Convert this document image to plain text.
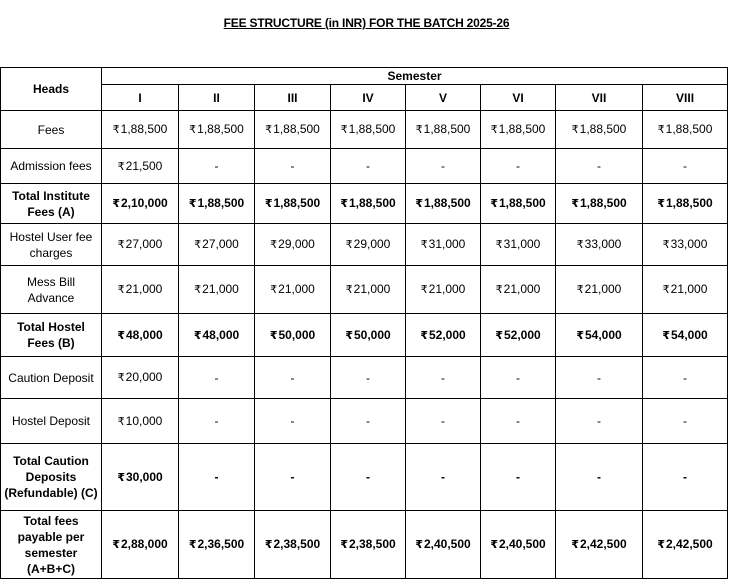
FEE STRUCTURE (in INR) FOR THE BATCH 2025-26
Heads	Semester							
	I	II	III	IV	V	VI	VII	VIII
Fees	₹1,88,500	₹1,88,500	₹1,88,500	₹1,88,500	₹1,88,500	₹1,88,500	₹1,88,500	₹1,88,500
Admission fees	₹21,500	-	-	-	-	-	-	-
Total Institute Fees (A)	₹2,10,000	₹1,88,500	₹1,88,500	₹1,88,500	₹1,88,500	₹1,88,500	₹1,88,500	₹1,88,500
Hostel User fee charges	₹27,000	₹27,000	₹29,000	₹29,000	₹31,000	₹31,000	₹33,000	₹33,000
Mess Bill Advance	₹21,000	₹21,000	₹21,000	₹21,000	₹21,000	₹21,000	₹21,000	₹21,000
Total Hostel Fees (B)	₹48,000	₹48,000	₹50,000	₹50,000	₹52,000	₹52,000	₹54,000	₹54,000
Caution Deposit	₹20,000	-	-	-	-	-	-	-
Hostel Deposit	₹10,000	-	-	-	-	-	-	-
Total Caution Deposits (Refundable) (C)	₹30,000	-	-	-	-	-	-	-
Total fees payable per semester (A+B+C)	₹2,88,000	₹2,36,500	₹2,38,500	₹2,38,500	₹2,40,500	₹2,40,500	₹2,42,500	₹2,42,500
